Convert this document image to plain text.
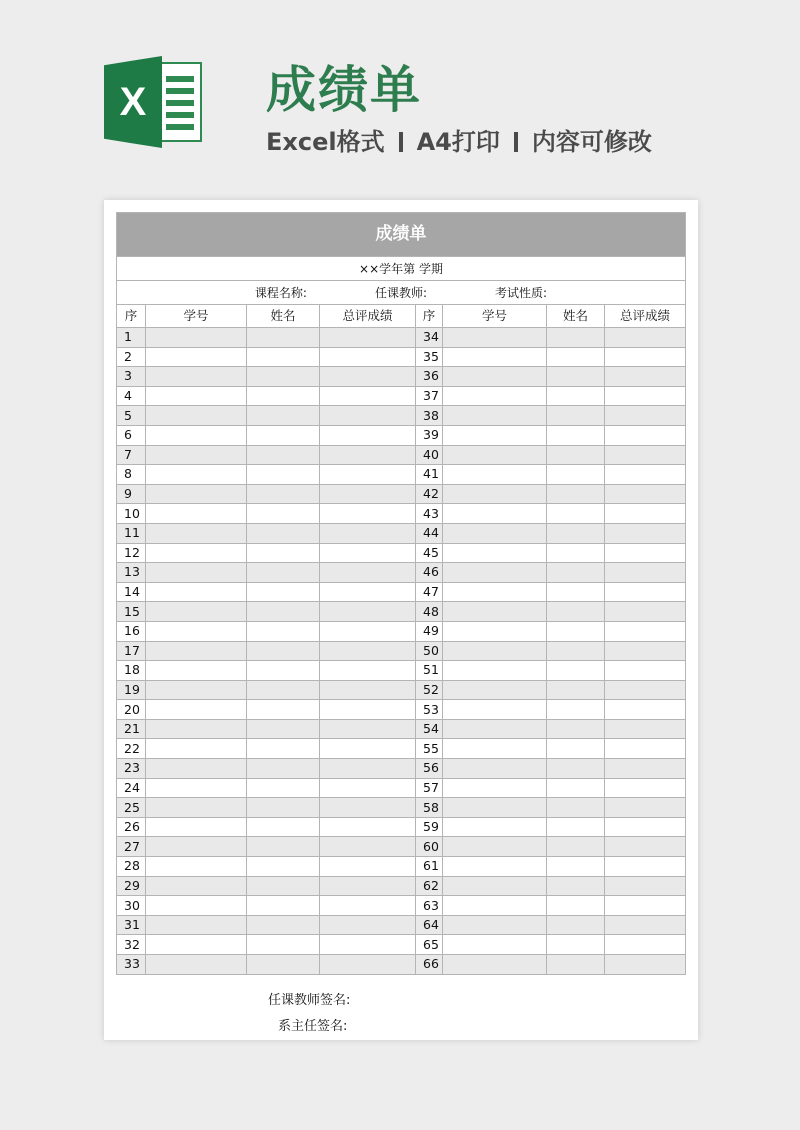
X 成绩单
Excel格式 A4打印 内容可修改
成绩单							
××学年第 学期							
课程名称: 任课教师: 考试性质:							
序	学号	姓名	总评成绩	序	学号	姓名	总评成绩
1				34			
2				35			
3				36			
4				37			
5				38			
6				39			
7				40			
8				41			
9				42			
10				43			
11				44			
12				45			
13				46			
14				47			
15				48			
16				49			
17				50			
18				51			
19				52			
20				53			
21				54			
22				55			
23				56			
24				57			
25				58			
26				59			
27				60			
28				61			
29				62			
30				63			
31				64			
32				65			
33				66			
任课教师签名:
系主任签名:
